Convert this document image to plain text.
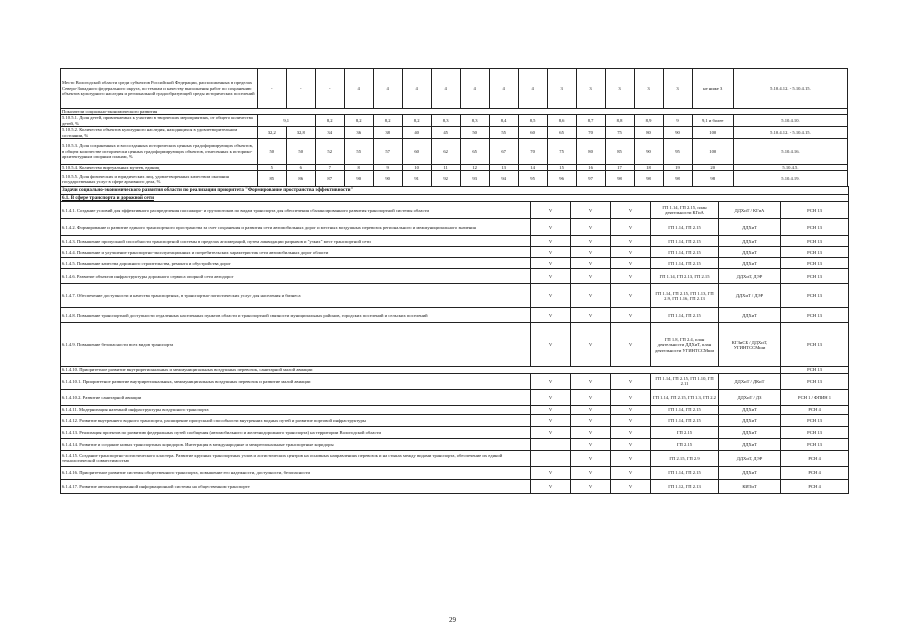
Место Вологодской области среди субъектов Российской Федерации, расположенных в пределах Северо-Западного федерального округа, по темпам и качеству выполнения работ по сохранению объектов культурного наследия и региональной градообразующей среды исторических поселений	-	-	-	4	4	4	4	4	4	4	3	3	3	3	3	не ниже 3	5.10.4.12. - 5.10.4.15.
Показатели социально-экономического развития																	
5.10.5.1. Доля детей, привлекаемых к участию в творческих мероприятиях, от общего количества детей, %	9,1		8,2	8,2	8,2	8,2	8,3	8,3	8,4	8,5	8,6	8,7	8,8	8,9	9	9,1 и более	5.10.4.10.
5.10.5.2. Количество объектов культурного наследия, находящихся в удовлетворительном состоянии, %	32,2	32,8	34	36	38	40	45	50	55	60	65	70	75	80	90	100	5.10.4.12. - 5.10.4.15.
5.10.5.3. Доля сохраненных и воссозданных исторических ценных градоформирующих объектов, в общем количестве исторически ценных градоформирующих объектов, отнесенных к историко-архитектурным опорным планам, %	50	50	52	55	57	60	62	65	67	70	75	80	85	90	95	100	5.10.4.16.
5.10.5.4. Количество виртуальных музеев, единиц	5	6	7	8	9	10	11	12	13	14	15	16	17	18	19	20	5.10.4.5.
5.10.5.5. Доля физических и юридических лиц, удовлетворенных качеством оказания государственных услуг в сфере архивного дела, %	85	86	87	90	90	91	92	93	94	95	96	97	98	98	98	98	5.10.4.19.
Задачи социально-экономического развития области по реализации приоритета "Формирование пространства эффективности"						
6.1. В сфере транспорта и дорожной сети						
6.1.4.1. Создание условий для эффективного распределения пассажиро- и грузопотоков по видам транспорта для обеспечения сбалансированного развития транспортной системы области	V	V	V	ГП 1.14, ГП 2.15, план деятельности КГиА	ДДХиТ / КГиА	РСН 13
6.1.4.2. Формирование и развитие единого транспортного пространства за счет сохранения и развития сети автомобильных дорог и местных воздушных перевозок регионального и межмуниципального значения	V	V	V	ГП 1.14, ГП 2.15	ДДХиТ	РСН 13
6.1.4.3. Повышение пропускной способности транспортной системы в пределах агломераций, путем ликвидации разрывов и "узких" мест транспортной сети	V	V	V	ГП 1.14, ГП 2.15	ДДХиТ	РСН 13
6.1.4.4. Повышение и улучшение транспортно-эксплуатационных и потребительских характеристик сети автомобильных дорог области	V	V	V	ГП 1.14, ГП 2.15	ДДХиТ	РСН 13
6.1.4.5. Повышение качества дорожного строительства, ремонта и обустройства дорог	V	V	V	ГП 1.14, ГП 2.15	ДДХиТ	РСН 13
6.1.4.6. Развитие объектов инфраструктуры дорожного сервиса опорной сети автодорог	V	V	V	ГП 1.14, ГП 2.13, ГП 2.15	ДДХиТ, ДЭР	РСН 13
6.1.4.7. Обеспечение доступности и качества транспортных, в транспортно-логистических услуг для населения и бизнеса	V	V	V	ГП 1.14, ГП 2.15, ГП 1.13, ГП 2.9, ГП 1.16, ГП 2.13	ДДХиТ / ДЭР	РСН 13
6.1.4.8. Повышение транспортной доступности отдаленных населенных пунктов области и транспортной связности муниципальных районов, городских поселений и сельских поселений	V	V	V	ГП 1.14, ГП 2.15	ДДХиТ	РСН 13
6.1.4.9. Повышение безопасности всех видов транспорта	V	V	V	ГП 1.8, ГП 2.4, план деятельности ДДХиТ, план деятельности УГИНТССМши	КГЗиСБ / ДДХиТ, УГИНТССМши	РСН 13
6.1.4.10. Приоритетное развитие внутрирегиональных и межмуниципальных воздушных перевозок, санитарной малой авиации						РСН 13
6.1.4.10.1. Приоритетное развитие внутрирегиональных, межмуниципальных воздушных перевозок и развитие малой авиации	V	V	V	ГП 1.14, ГП 2.15, ГП 1.10, ГП 2.11	ДДХиТ / ДКиТ	РСН 13
6.1.4.10.2. Развитие санитарной авиации	V	V	V	ГП 1.14, ГП 2.15, ГП 1.3, ГП 2.2	ДДХиТ / ДЗ	РСН 1 / ФПИН 1
6.1.4.11. Модернизация наземной инфраструктуры воздушного транспорта	V	V	V	ГП 1.14, ГП 2.15	ДДХиТ	РСН 4
6.1.4.12. Развитие внутреннего водного транспорта, расширение пропускной способности внутренних водных путей и развитие портовой инфраструктуры	V	V	V	ГП 1.14, ГП 2.15	ДДХиТ	РСН 13
6.1.4.13. Реализация проектов по развитию федеральных путей сообщения (автомобильного и железнодорожного транспорта) на территории Вологодской области	V	V	V	ГП 2.15	ДДХиТ	РСН 13
6.1.4.14. Развитие и создание новых транспортных коридоров. Интеграция в международные и межрегиональные транспортные коридоры		V	V	ГП 2.15	ДДХиТ	РСН 13
6.1.4.15. Создание транспортно-логистического кластера. Развитие крупных транспортных узлов и логистических центров на основных направлениях перевозок и на стыках между видами транспорта, обеспечение их единой технологической совместимостью		V	V	ГП 2.15, ГП 2.9	ДДХиТ, ДЭР	РСН 4
6.1.4.16. Приоритетное развитие системы общественного транспорта, повышение его надежности, доступности, безопасности	V	V	V	ГП 1.14, ГП 2.15	ДДХиТ	РСН 4
6.1.4.17. Развитие автоматизированной информационной системы на общественном транспорте	V	V	V	ГП 1.12, ГП 2.13	КИТиТ	РСН 4
29
